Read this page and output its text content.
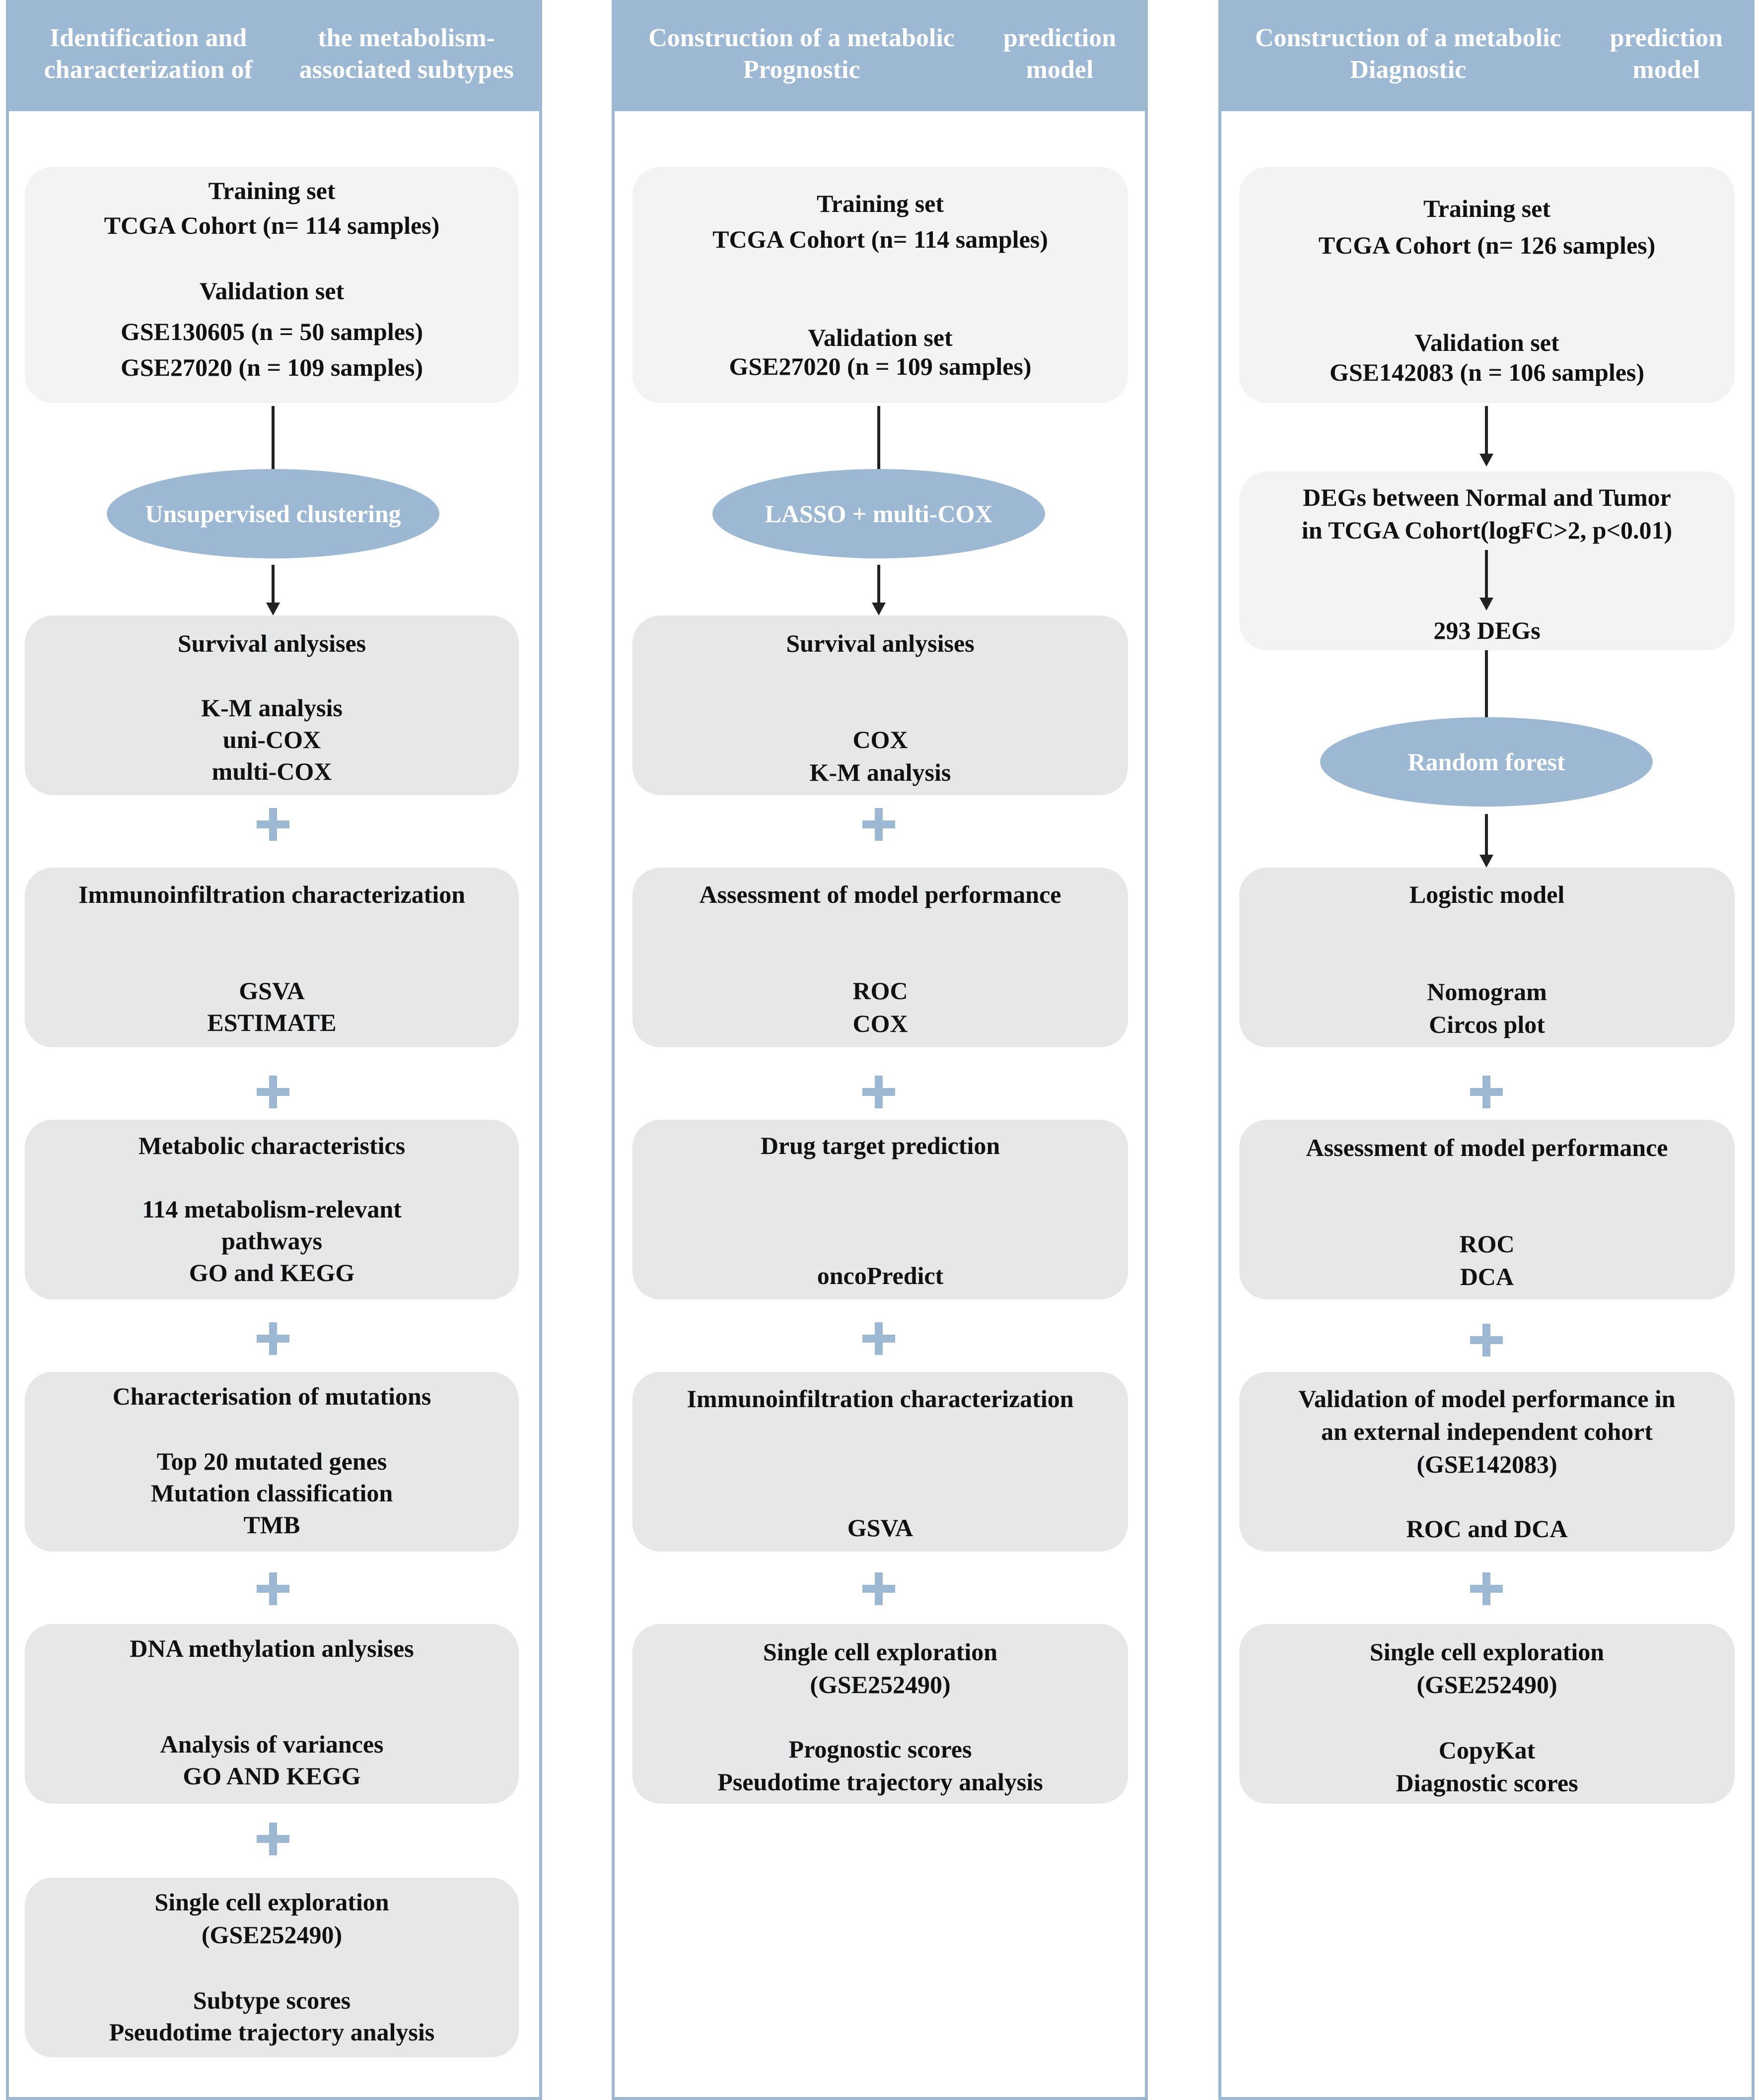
Identification and characterization of
the metabolism-associated subtypes
Training set
TCGA Cohort (n= 114 samples)
Validation set
GSE130605 (n = 50 samples)
GSE27020 (n = 109 samples)
Unsupervised clustering
Survival anlysises
K-M analysis
uni-COX
multi-COX
Immunoinfiltration characterization
GSVA
ESTIMATE
Metabolic characteristics
114 metabolism-relevant
pathways
GO and KEGG
Characterisation of mutations
Top 20 mutated genes
Mutation classification
TMB
DNA methylation anlysises
Analysis of variances
GO AND KEGG
Single cell exploration
(GSE252490)
Subtype scores
Pseudotime trajectory analysis
Construction of a metabolic Prognostic
prediction model
Training set
TCGA Cohort (n= 114 samples)
Validation set
GSE27020 (n = 109 samples)
LASSO + multi-COX
Survival anlysises
COX
K-M analysis
Assessment of model performance
ROC
COX
Drug target prediction
oncoPredict
Immunoinfiltration characterization
GSVA
Single cell exploration
(GSE252490)
Prognostic scores
Pseudotime trajectory analysis
Construction of a metabolic Diagnostic
prediction model
Training set
TCGA Cohort (n= 126 samples)
Validation set
GSE142083 (n = 106 samples)
DEGs between Normal and Tumor
in TCGA Cohort(logFC>2, p<0.01)
293 DEGs
Random forest
Logistic model
Nomogram
Circos plot
Assessment of model performance
ROC
DCA
Validation of model performance in
an external independent cohort
(GSE142083)
ROC and DCA
Single cell exploration
(GSE252490)
CopyKat
Diagnostic scores
